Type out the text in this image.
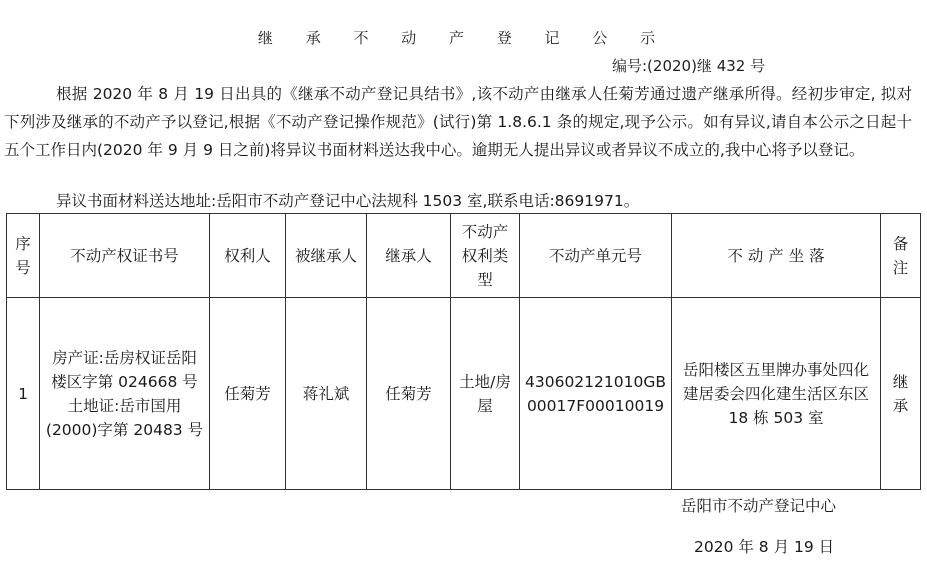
继 承 不 动 产 登 记 公 示
编号:(2020)继 432 号

根据 2020 年 8 月 19 日出具的《继承不动产登记具结书》,该不动产由继承人任菊芳通过遗产继承所得。经初步审定, 拟对下列涉及继承的不动产予以登记,根据《不动产登记操作规范》(试行)第 1.8.6.1 条的规定,现予公示。如有异议,请自本公示之日起十五个工作日内(2020 年 9 月 9 日之前)将异议书面材料送达我中心。逾期无人提出异议或者异议不成立的,我中心将予以登记。

异议书面材料送达地址:岳阳市不动产登记中心法规科 1503 室,联系电话:8691971。

序号	不动产权证书号	权利人	被继承人	继承人	不动产权利类型	不动产单元号	不 动 产 坐 落	备注
1	房产证:岳房权证岳阳楼区字第 024668 号土地证:岳市国用(2000)字第 20483 号	任菊芳	蒋礼斌	任菊芳	土地/房屋	430602121010GB00017F00010019	岳阳楼区五里牌办事处四化建居委会四化建生活区东区 18 栋 503 室	继承

岳阳市不动产登记中心

2020 年 8 月 19 日
